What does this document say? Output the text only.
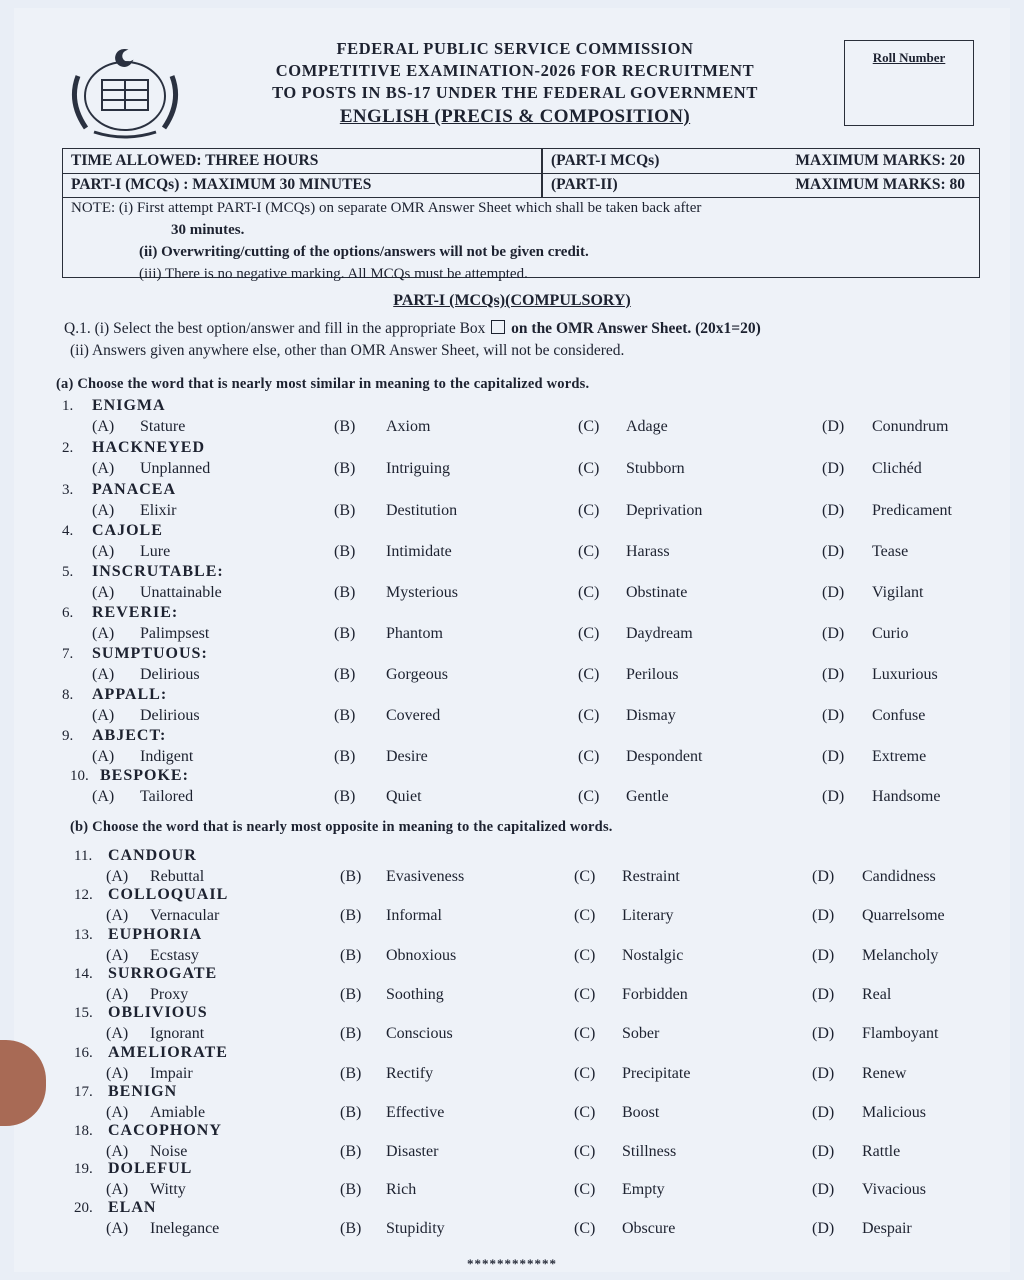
FEDERAL PUBLIC SERVICE COMMISSION
COMPETITIVE EXAMINATION-2026 FOR RECRUITMENT
TO POSTS IN BS-17 UNDER THE FEDERAL GOVERNMENT
ENGLISH (PRECIS & COMPOSITION)
Roll Number
TIME ALLOWED: THREE HOURS	(PART-I MCQs)	MAXIMUM MARKS: 20
PART-I (MCQs) : MAXIMUM 30 MINUTES	(PART-II)	MAXIMUM MARKS: 80
NOTE: (i) First attempt PART-I (MCQs) on separate OMR Answer Sheet which shall be taken back after
30 minutes.
(ii) Overwriting/cutting of the options/answers will not be given credit.
(iii) There is no negative marking. All MCQs must be attempted.
PART-I (MCQs)(COMPULSORY)
Q.1. (i) Select the best option/answer and fill in the appropriate Box on the OMR Answer Sheet. (20x1=20)
(ii) Answers given anywhere else, other than OMR Answer Sheet, will not be considered.
(a) Choose the word that is nearly most similar in meaning to the capitalized words.
(b) Choose the word that is nearly most opposite in meaning to the capitalized words.
1. ENIGMA
(A) Stature	(B) Axiom	(C) Adage	(D) Conundrum
2. HACKNEYED
(A) Unplanned	(B) Intriguing	(C) Stubborn	(D) Clichéd
3. PANACEA
(A) Elixir	(B) Destitution	(C) Deprivation	(D) Predicament
4. CAJOLE
(A) Lure	(B) Intimidate	(C) Harass	(D) Tease
5. INSCRUTABLE:
(A) Unattainable	(B) Mysterious	(C) Obstinate	(D) Vigilant
6. REVERIE:
(A) Palimpsest	(B) Phantom	(C) Daydream	(D) Curio
7. SUMPTUOUS:
(A) Delirious	(B) Gorgeous	(C) Perilous	(D) Luxurious
8. APPALL:
(A) Delirious	(B) Covered	(C) Dismay	(D) Confuse
9. ABJECT:
(A) Indigent	(B) Desire	(C) Despondent	(D) Extreme
10. BESPOKE:
(A) Tailored	(B) Quiet	(C) Gentle	(D) Handsome
11. CANDOUR
(A) Rebuttal	(B) Evasiveness	(C) Restraint	(D) Candidness
12. COLLOQUAIL
(A) Vernacular	(B) Informal	(C) Literary	(D) Quarrelsome
13. EUPHORIA
(A) Ecstasy	(B) Obnoxious	(C) Nostalgic	(D) Melancholy
14. SURROGATE
(A) Proxy	(B) Soothing	(C) Forbidden	(D) Real
15. OBLIVIOUS
(A) Ignorant	(B) Conscious	(C) Sober	(D) Flamboyant
16. AMELIORATE
(A) Impair	(B) Rectify	(C) Precipitate	(D) Renew
17. BENIGN
(A) Amiable	(B) Effective	(C) Boost	(D) Malicious
18. CACOPHONY
(A) Noise	(B) Disaster	(C) Stillness	(D) Rattle
19. DOLEFUL
(A) Witty	(B) Rich	(C) Empty	(D) Vivacious
20. ELAN
(A) Inelegance	(B) Stupidity	(C) Obscure	(D) Despair
************
